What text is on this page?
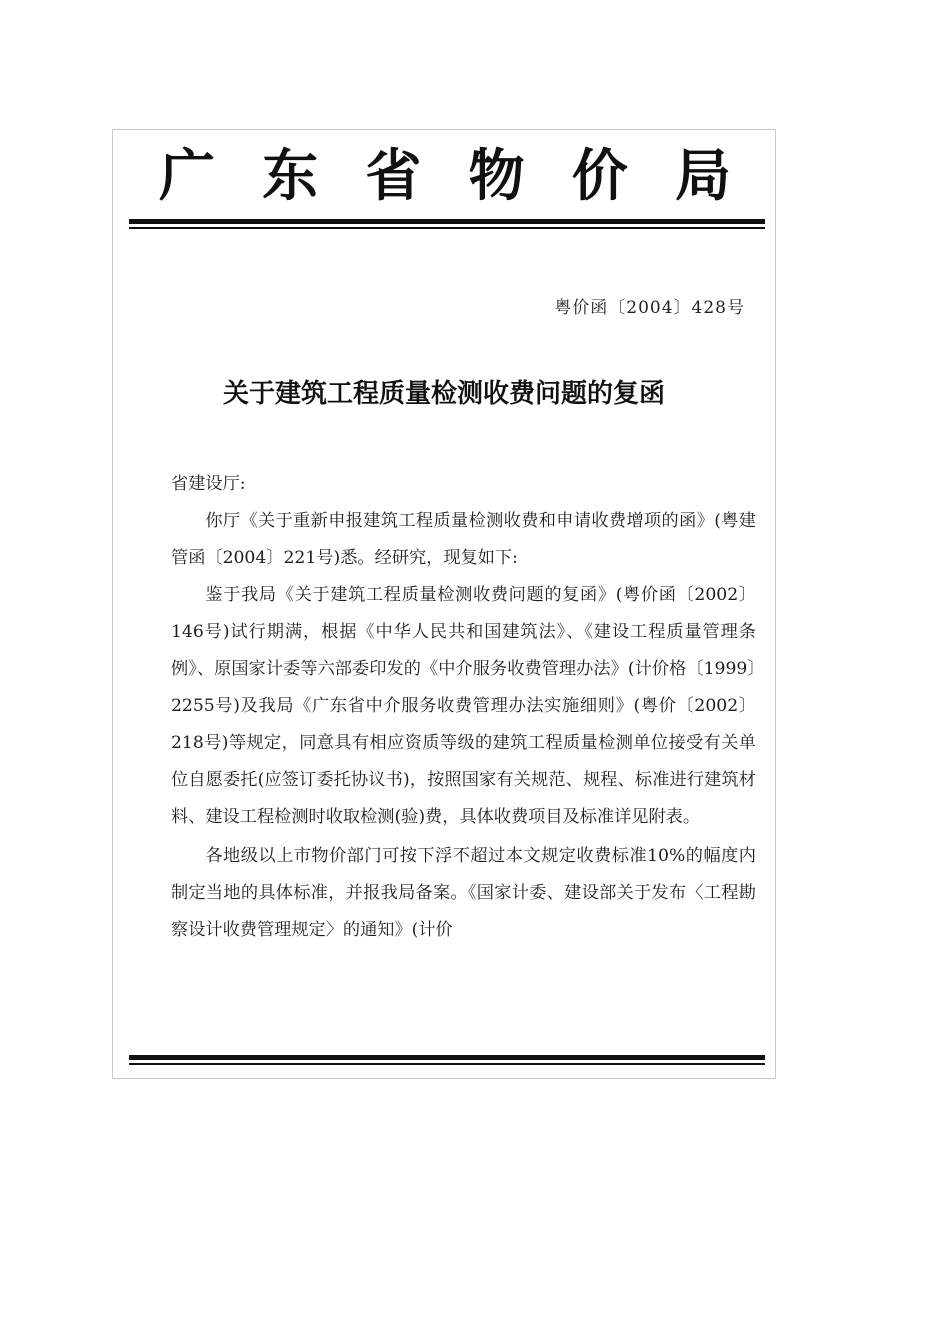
广 东 省 物 价 局
粤价函〔2004〕428号
关于建筑工程质量检测收费问题的复函

省建设厅:

你厅《关于重新申报建筑工程质量检测收费和申请收费增项的函》(粤建管函〔2004〕221号)悉。经研究，现复如下:

鉴于我局《关于建筑工程质量检测收费问题的复函》(粤价函〔2002〕146号)试行期满，根据《中华人民共和国建筑法》、《建设工程质量管理条例》、原国家计委等六部委印发的《中介服务收费管理办法》(计价格〔1999〕2255号)及我局《广东省中介服务收费管理办法实施细则》(粤价〔2002〕218号)等规定，同意具有相应资质等级的建筑工程质量检测单位接受有关单位自愿委托(应签订委托协议书)，按照国家有关规范、规程、标准进行建筑材料、建设工程检测时收取检测(验)费，具体收费项目及标准详见附表。

各地级以上市物价部门可按下浮不超过本文规定收费标准10%的幅度内制定当地的具体标准，并报我局备案。《国家计委、建设部关于发布〈工程勘察设计收费管理规定〉的通知》(计价
